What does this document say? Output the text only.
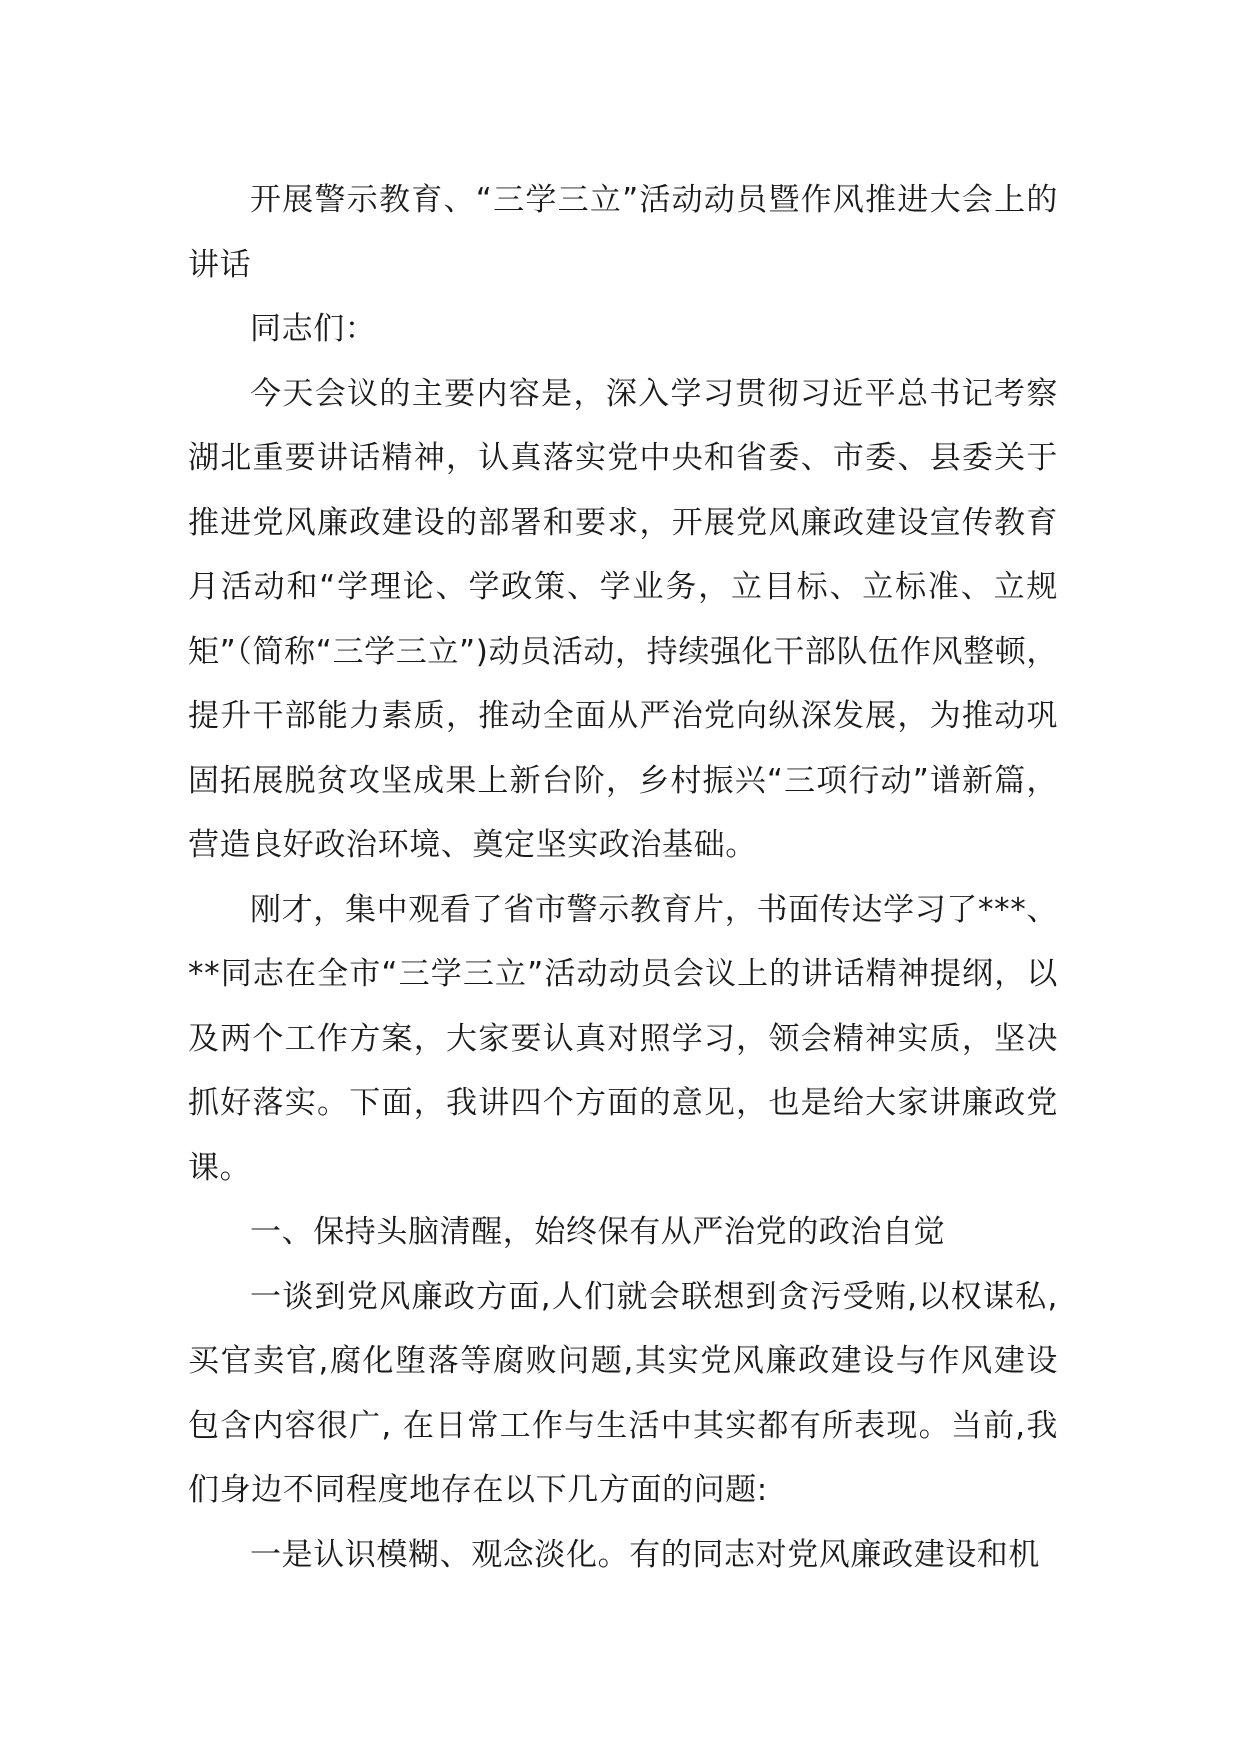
开展警示教育、“三学三立”活动动员暨作风推进大会上的讲话

同志们：

今天会议的主要内容是，深入学习贯彻习近平总书记考察湖北重要讲话精神，认真落实党中央和省委、市委、县委关于推进党风廉政建设的部署和要求，开展党风廉政建设宣传教育月活动和“学理论、学政策、学业务，立目标、立标准、立规矩”（简称“三学三立”)动员活动，持续强化干部队伍作风整顿，提升干部能力素质，推动全面从严治党向纵深发展，为推动巩固拓展脱贫攻坚成果上新台阶，乡村振兴“三项行动”谱新篇，营造良好政治环境、奠定坚实政治基础。

刚才，集中观看了省市警示教育片，书面传达学习了***、**同志在全市“三学三立”活动动员会议上的讲话精神提纲，以及两个工作方案，大家要认真对照学习，领会精神实质，坚决抓好落实。下面，我讲四个方面的意见，也是给大家讲廉政党课。

一、保持头脑清醒，始终保有从严治党的政治自觉

一谈到党风廉政方面,人们就会联想到贪污受贿,以权谋私,买官卖官,腐化堕落等腐败问题,其实党风廉政建设与作风建设包含内容很广, 在日常工作与生活中其实都有所表现。当前,我们身边不同程度地存在以下几方面的问题:

一是认识模糊、观念淡化。有的同志对党风廉政建设和机
